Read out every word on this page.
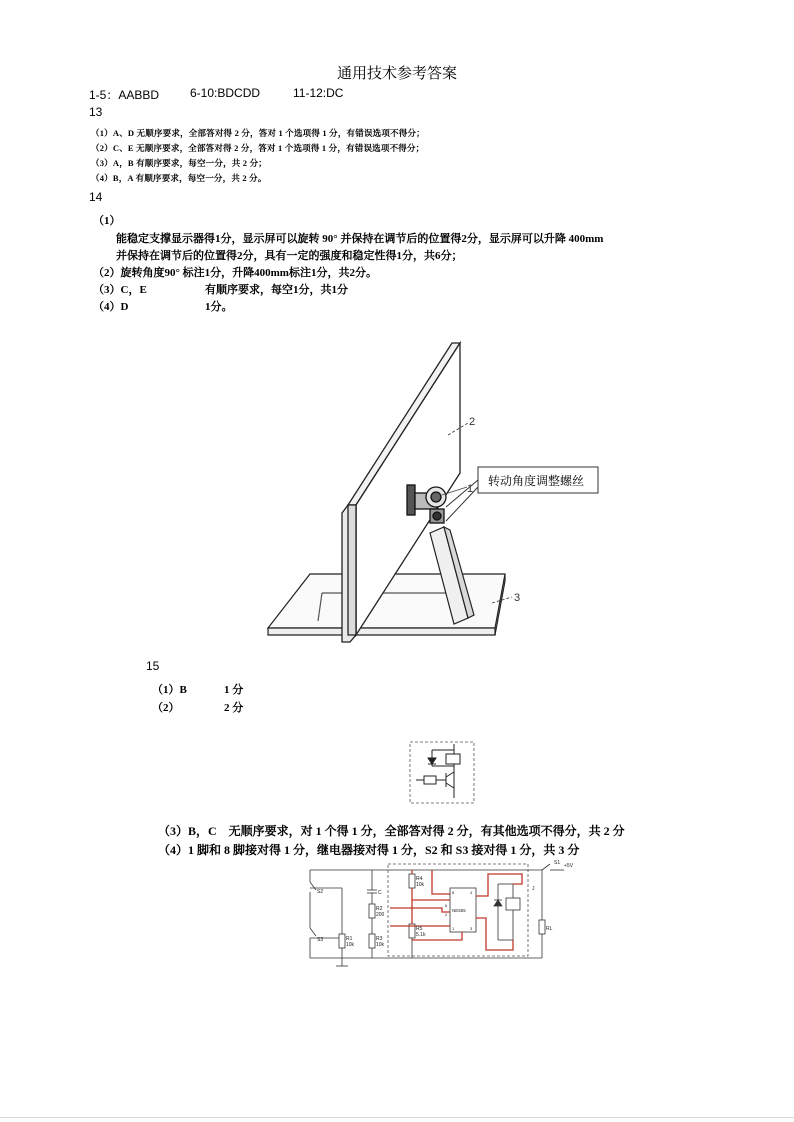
通用技术参考答案
1-5：AABBD	6-10:BDCDD	11-12:DC
13
（1）A、D 无顺序要求，全部答对得 2 分，答对 1 个选项得 1 分，有错误选项不得分；
（2）C、E 无顺序要求，全部答对得 2 分，答对 1 个选项得 1 分，有错误选项不得分；
（3）A，B 有顺序要求，每空一分，共 2 分；
（4）B，A 有顺序要求，每空一分，共 2 分。
14
（1）
能稳定支撑显示器得1分，显示屏可以旋转 90° 并保持在调节后的位置得2分，显示屏可以升降 400mm
并保持在调节后的位置得2分，具有一定的强度和稳定性得1分，共6分；
（2）旋转角度90° 标注1分，升降400mm标注1分，共2分。
（3）C，E	有顺序要求，每空1分，共1分
（4）D	1分。
转动角度调整螺丝
2
1
3
15
（1）B	1 分
（2）	2 分
（3）B，C　无顺序要求，对 1 个得 1 分，全部答对得 2 分，有其他选项不得分，共 2 分
（4）1 脚和 8 脚接对得 1 分，继电器接对得 1 分，S2 和 S3 接对得 1 分，共 3 分
S2
S3
S1 +5V
C
R1
10k
R2
200
R3
10k
R4
10k
R5
5.1k
RL
J
NE555
8	4
1	3
2
6
